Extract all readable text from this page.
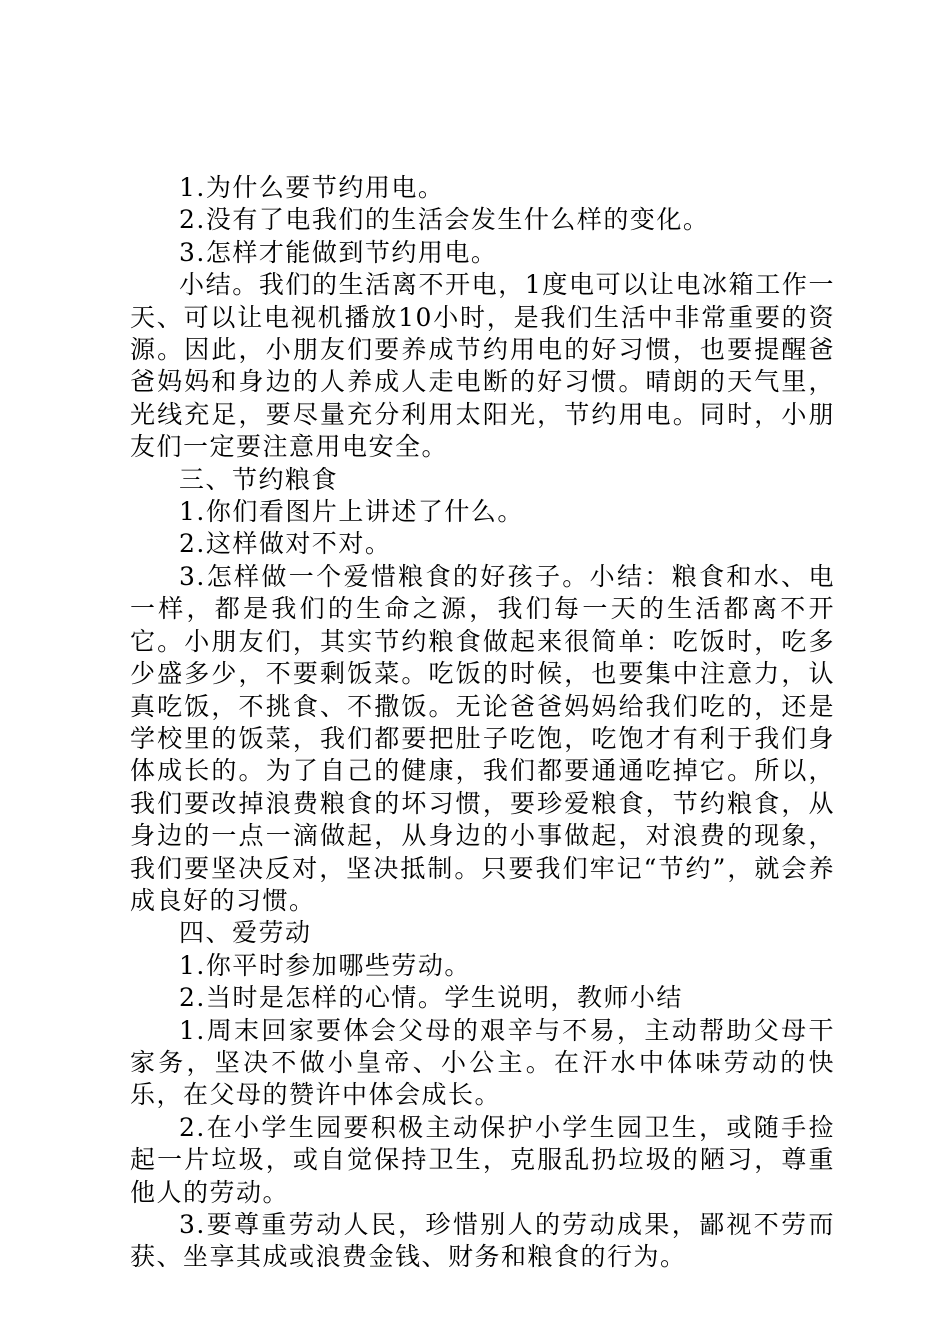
1.为什么要节约用电。

2.没有了电我们的生活会发生什么样的变化。

3.怎样才能做到节约用电。

小结。我们的生活离不开电，1度电可以让电冰箱工作一天、可以让电视机播放10小时，是我们生活中非常重要的资源。因此，小朋友们要养成节约用电的好习惯，也要提醒爸爸妈妈和身边的人养成人走电断的好习惯。晴朗的天气里，光线充足，要尽量充分利用太阳光，节约用电。同时，小朋友们一定要注意用电安全。

三、节约粮食

1.你们看图片上讲述了什么。

2.这样做对不对。

3.怎样做一个爱惜粮食的好孩子。小结：粮食和水、电一样，都是我们的生命之源，我们每一天的生活都离不开它。小朋友们，其实节约粮食做起来很简单：吃饭时，吃多少盛多少，不要剩饭菜。吃饭的时候，也要集中注意力，认真吃饭，不挑食、不撒饭。无论爸爸妈妈给我们吃的，还是学校里的饭菜，我们都要把肚子吃饱，吃饱才有利于我们身体成长的。为了自己的健康，我们都要通通吃掉它。所以，我们要改掉浪费粮食的坏习惯，要珍爱粮食，节约粮食，从身边的一点一滴做起，从身边的小事做起，对浪费的现象，我们要坚决反对，坚决抵制。只要我们牢记“节约”，就会养成良好的习惯。

四、爱劳动

1.你平时参加哪些劳动。

2.当时是怎样的心情。学生说明，教师小结

1.周末回家要体会父母的艰辛与不易，主动帮助父母干家务，坚决不做小皇帝、小公主。在汗水中体味劳动的快乐，在父母的赞许中体会成长。

2.在小学生园要积极主动保护小学生园卫生，或随手捡起一片垃圾，或自觉保持卫生，克服乱扔垃圾的陋习，尊重他人的劳动。

3.要尊重劳动人民，珍惜别人的劳动成果，鄙视不劳而获、坐享其成或浪费金钱、财务和粮食的行为。
